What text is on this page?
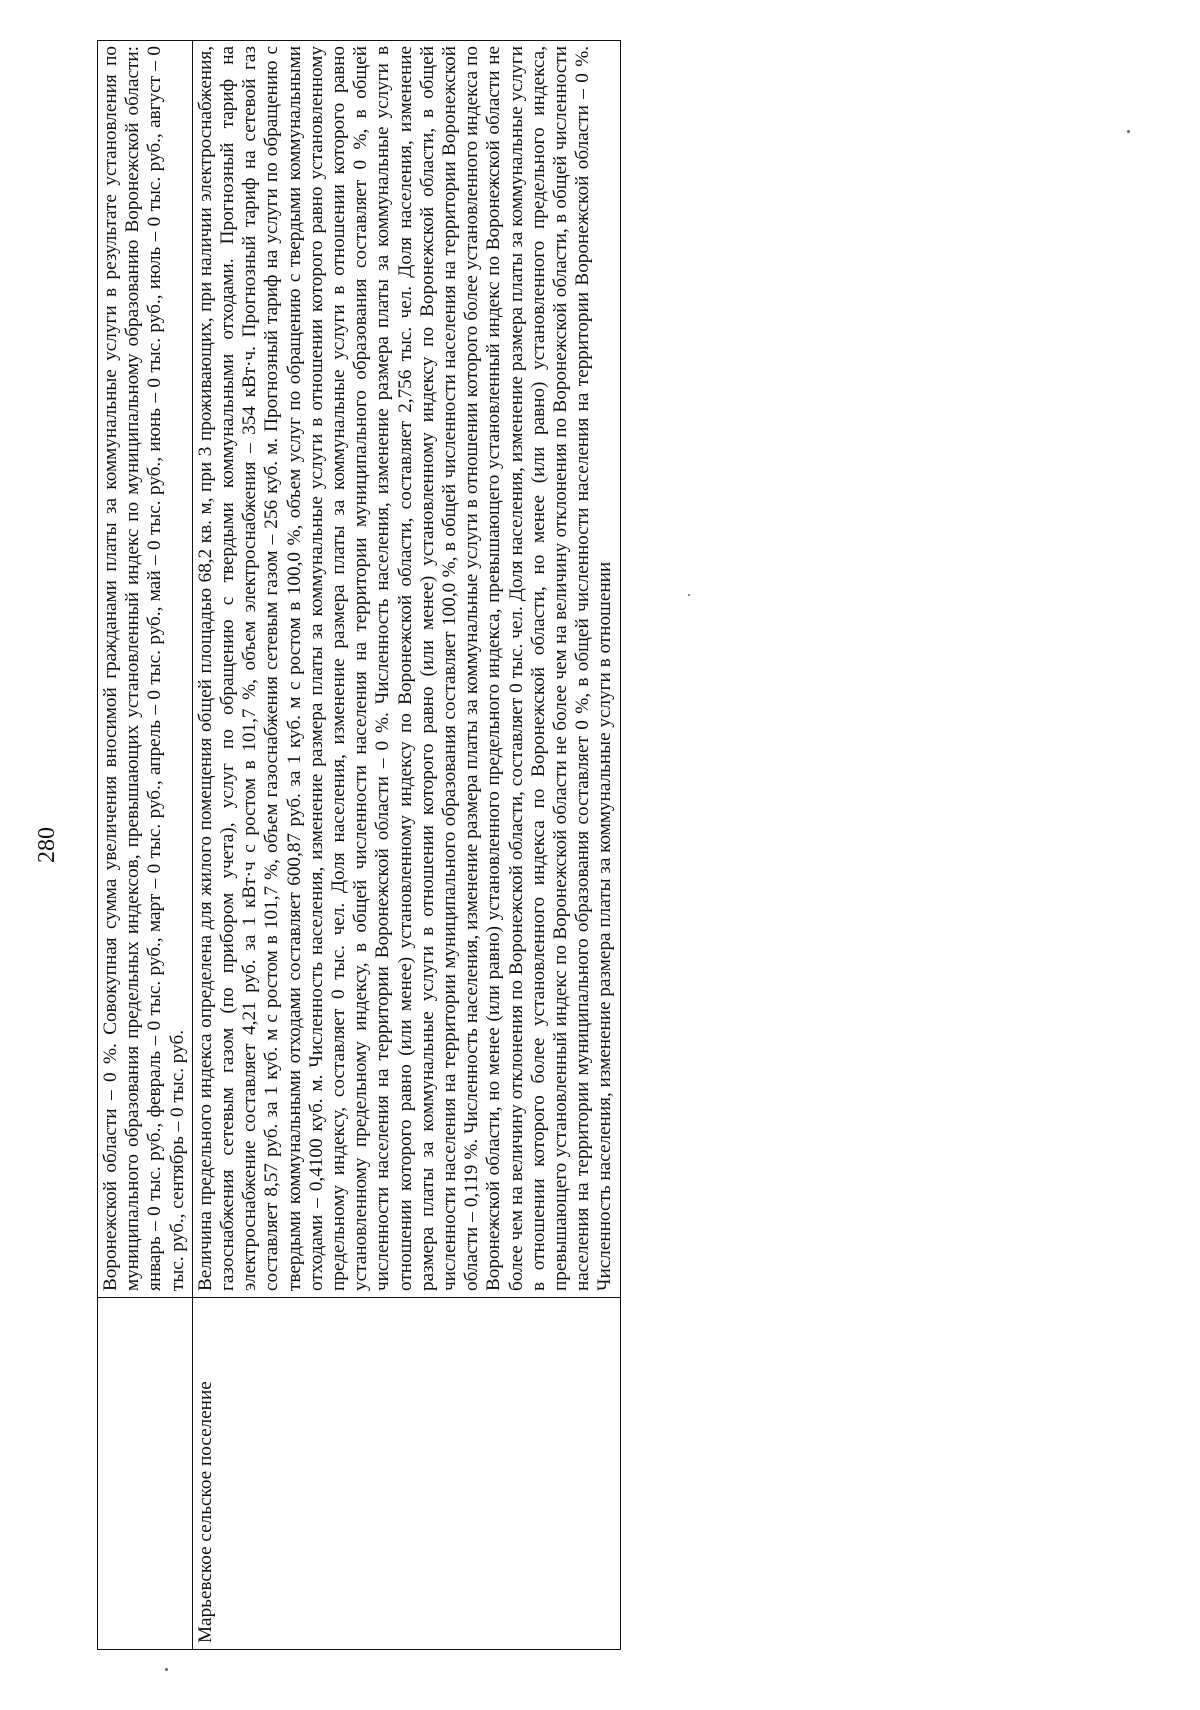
280
		Воронежской области – 0 %. Совокупная сумма увеличения вносимой гражданами платы за коммунальные услуги в результате установления по муниципального образования предельных индексов, превышающих установленный индекс по муниципальному образованию Воронежской области: январь – 0 тыс. руб., февраль – 0 тыс. руб., март – 0 тыс. руб., апрель – 0 тыс. руб., май – 0 тыс. руб., июнь – 0 тыс. руб., июль – 0 тыс. руб., август – 0 тыс. руб., сентябрь – 0 тыс. руб.
Марьевское сельское поселение	Величина предельного индекса определена для жилого помещения общей площадью 68,2 кв. м, при 3 проживающих, при наличии электроснабжения, газоснабжения сетевым газом (по прибором учета), услуг по обращению с твердыми коммунальными отходами. Прогнозный тариф на электроснабжение составляет 4,21 руб. за 1 кВт·ч с ростом в 101,7 %, объем электроснабжения – 354 кВт·ч. Прогнозный тариф на сетевой газ составляет 8,57 руб. за 1 куб. м с ростом в 101,7 %, объем газоснабжения сетевым газом – 256 куб. м. Прогнозный тариф на услуги по обращению с твердыми коммунальными отходами составляет 600,87 руб. за 1 куб. м с ростом в 100,0 %, объем услуг по обращению с твердыми коммунальными отходами – 0,4100 куб. м. Численность населения, изменение размера платы за коммунальные услуги в отношении которого равно установленному предельному индексу, составляет 0 тыс. чел. Доля населения, изменение размера платы за коммунальные услуги в отношении которого равно установленному предельному индексу, в общей численности населения на территории муниципального образования составляет 0 %, в общей численности населения на территории Воронежской области – 0 %. Численность населения, изменение размера платы за коммунальные услуги в отношении которого равно (или менее) установленному индексу по Воронежской области, составляет 2,756 тыс. чел. Доля населения, изменение размера платы за коммунальные услуги в отношении которого равно (или менее) установленному индексу по Воронежской области, в общей численности населения на территории муниципального образования составляет 100,0 %, в общей численности населения на территории Воронежской области – 0,119 %. Численность населения, изменение размера платы за коммунальные услуги в отношении которого более установленного индекса по Воронежской области, но менее (или равно) установленного предельного индекса, превышающего установленный индекс по Воронежской области не более чем на величину отклонения по Воронежской области, составляет 0 тыс. чел. Доля населения, изменение размера платы за коммунальные услуги в отношении которого более установленного индекса по Воронежской области, но менее (или равно) установленного предельного индекса, превышающего установленный индекс по Воронежской области не более чем на величину отклонения по Воронежской области, в общей численности населения на территории муниципального образования составляет 0 %, в общей численности населения на территории Воронежской области – 0 %. Численность населения, изменение размера платы за коммунальные услуги в отношении
